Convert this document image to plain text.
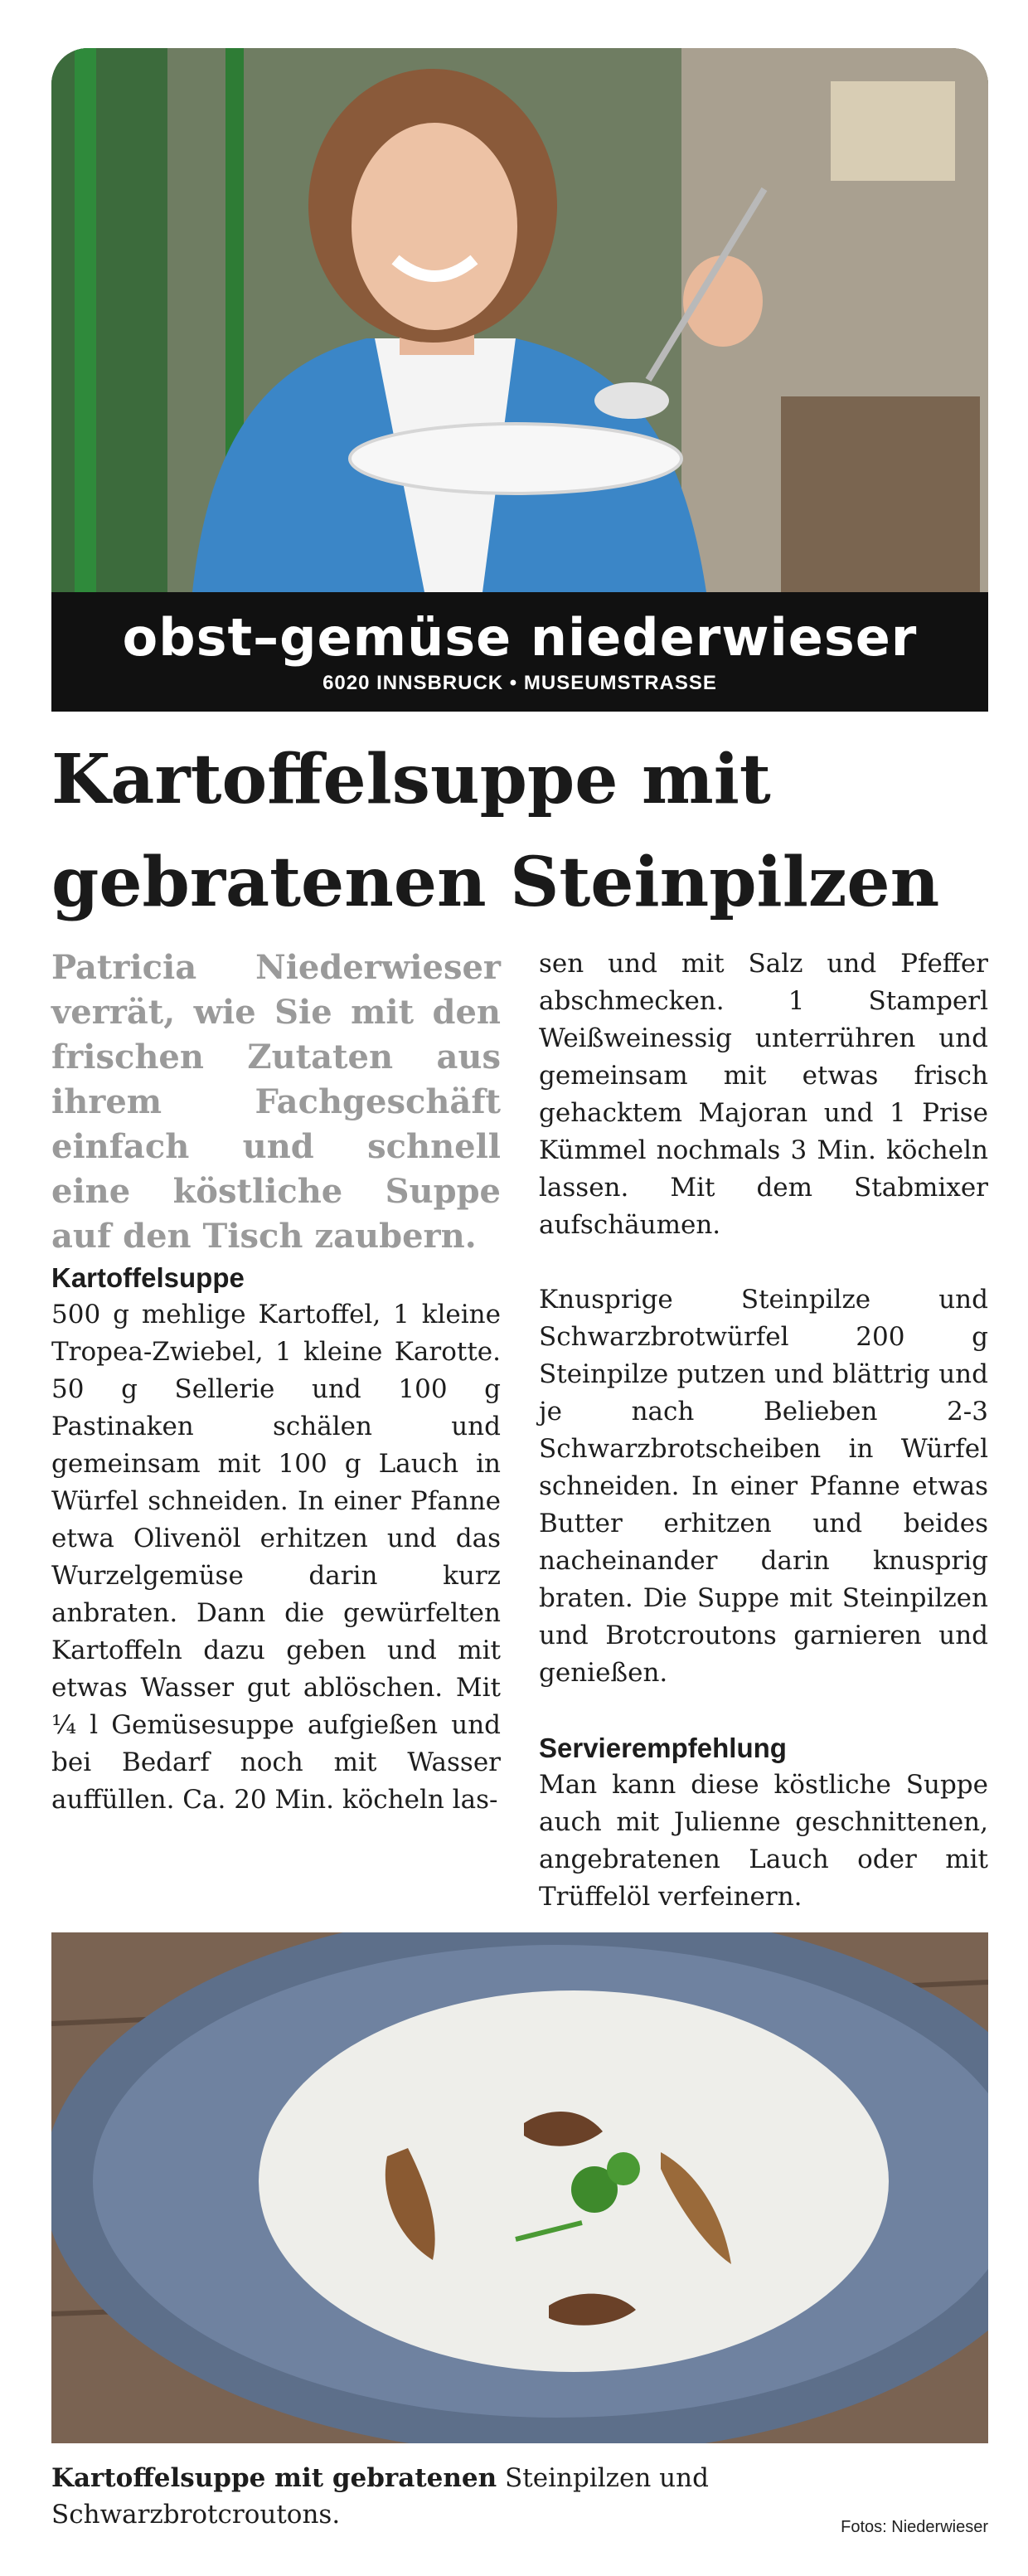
obst–gemüse niederwieser
6020 INNSBRUCK • MUSEUMSTRASSE
Kartoffelsuppe mit
gebratenen Steinpilzen

Patricia Niederwieser verrät, wie Sie mit den frischen Zutaten aus ihrem Fachgeschäft einfach und schnell eine köstliche Suppe auf den Tisch zaubern.

Kartoffelsuppe

500 g mehlige Kartoffel, 1 kleine Tropea-Zwiebel, 1 kleine Karotte. 50 g Sellerie und 100 g Pastinaken schälen und gemeinsam mit 100 g Lauch in Würfel schneiden. In einer Pfanne etwa Olivenöl erhitzen und das Wurzelgemüse darin kurz anbraten. Dann die gewürfelten Kartoffeln dazu geben und mit etwas Wasser gut ablöschen. Mit ¼ l Gemüsesuppe aufgießen und bei Bedarf noch mit Wasser auffüllen. Ca. 20 Min. köcheln las-

sen und mit Salz und Pfeffer abschmecken. 1 Stamperl Weißweinessig unterrühren und gemeinsam mit etwas frisch gehacktem Majoran und 1 Prise Kümmel nochmals 3 Min. köcheln lassen. Mit dem Stabmixer aufschäumen.

Knusprige Steinpilze und Schwarzbrotwürfel 200 g Steinpilze putzen und blättrig und je nach Belieben 2-3 Schwarzbrotscheiben in Würfel schneiden. In einer Pfanne etwas Butter erhitzen und beides nacheinander darin knusprig braten. Die Suppe mit Steinpilzen und Brotcroutons garnieren und genießen.

Servierempfehlung

Man kann diese köstliche Suppe auch mit Julienne geschnittenen, angebratenen Lauch oder mit Trüffelöl verfeinern.

Kartoffelsuppe mit gebratenen Steinpilzen und Schwarzbrotcroutons.	Fotos: Niederwieser
